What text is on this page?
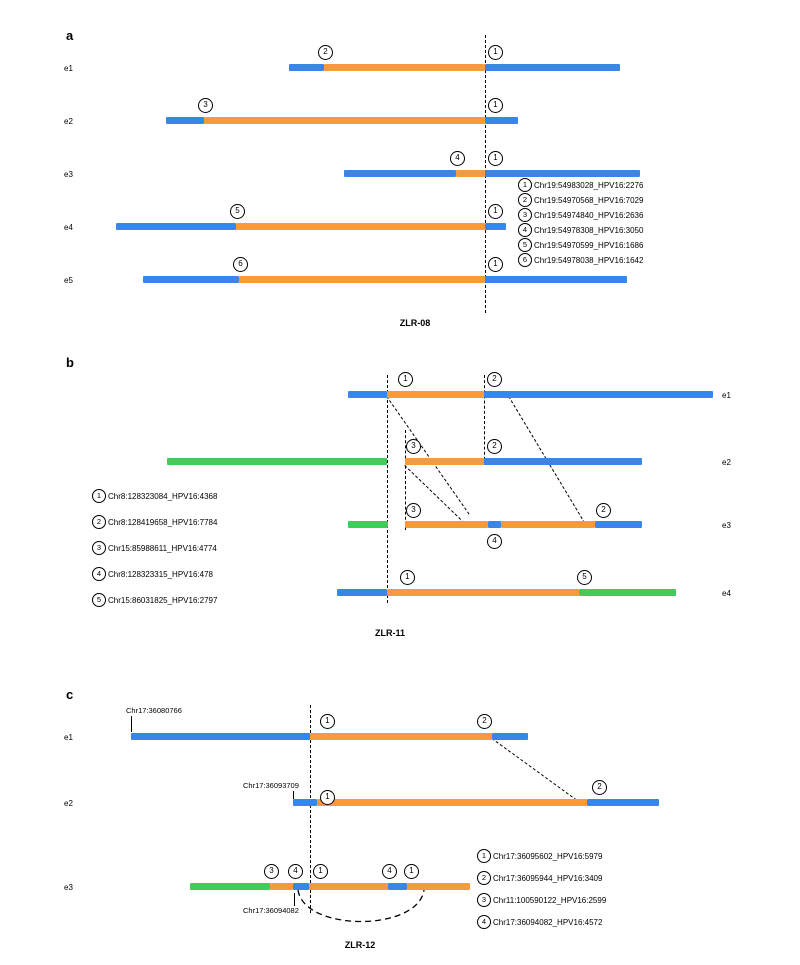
a
e1
2	1
e2
3	1
e3
4	1
e4
5	1
e5
6	1
1 Chr19:54983028_HPV16:2276
2 Chr19:54970568_HPV16:7029
3 Chr19:54974840_HPV16:2636
4 Chr19:54978308_HPV16:3050
5 Chr19:54970599_HPV16:1686
6 Chr19:54978038_HPV16:1642
ZLR-08
b
e1
1	2
e2
3	2
e3
3
4
2
e4
1	5
1 Chr8:128323084_HPV16:4368
2 Chr8:128419658_HPV16:7784
3 Chr15:85988611_HPV16:4774
4 Chr8:128323315_HPV16:478
5 Chr15:86031825_HPV16:2797
ZLR-11
c
Chr17:36080766
Chr17:36093709
Chr17:36094082
e1
1	2
e2
1
2
e3
3	4	1	4	1
1 Chr17:36095602_HPV16:5979
2 Chr17:36095944_HPV16:3409
3 Chr11:100590122_HPV16:2599
4 Chr17:36094082_HPV16:4572
ZLR-12
